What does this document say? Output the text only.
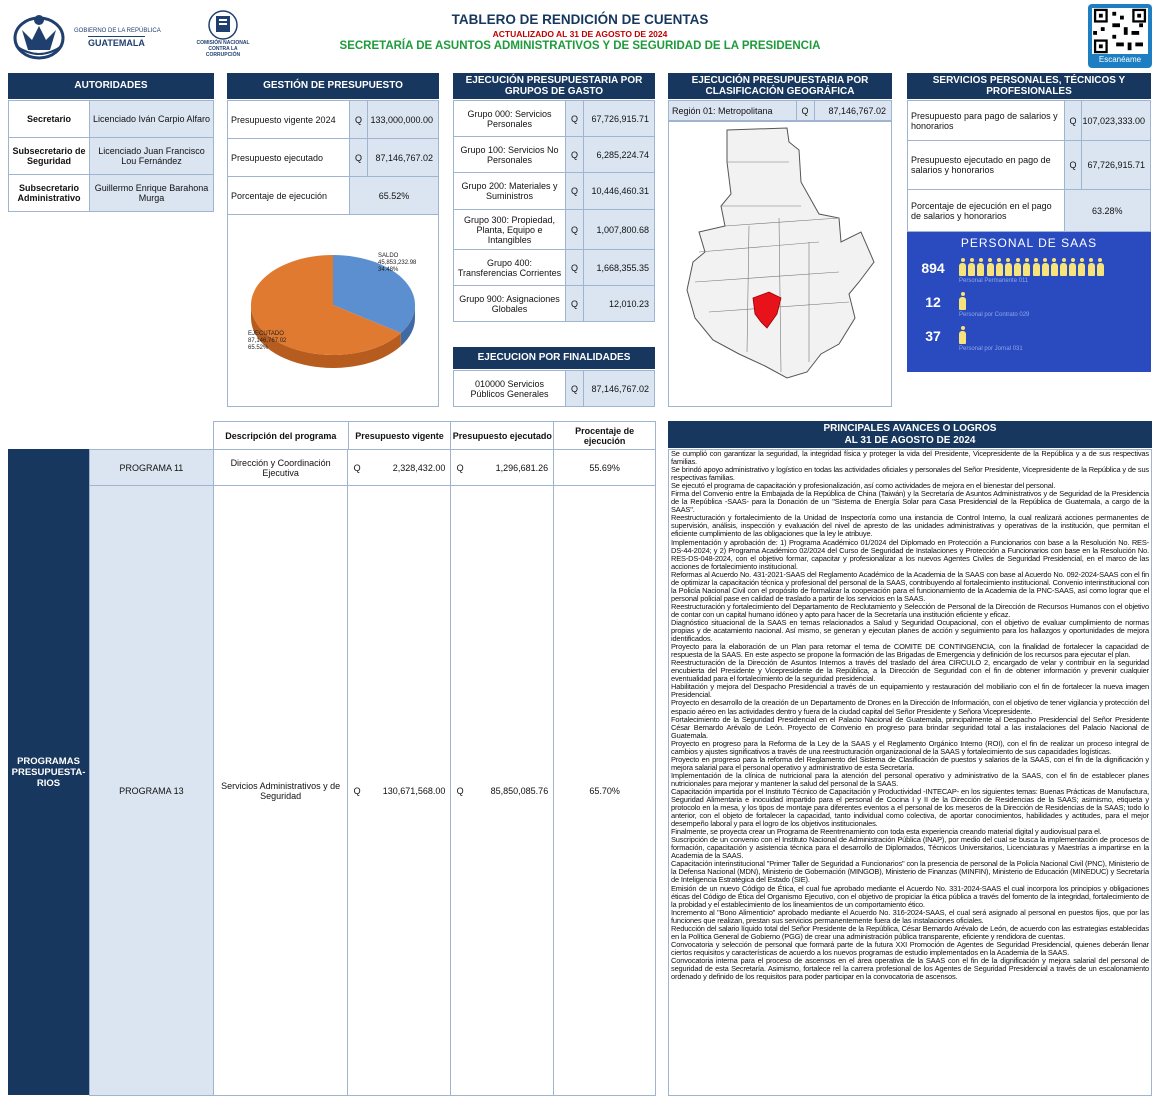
GOBIERNO DE LA REPÚBLICA
GUATEMALA	COMISIÓN NACIONAL
CONTRA LA CORRUPCIÓN
TABLERO DE RENDICIÓN DE CUENTAS
ACTUALIZADO AL 31 DE AGOSTO DE 2024
SECRETARÍA DE ASUNTOS ADMINISTRATIVOS Y DE SEGURIDAD DE LA PRESIDENCIA
Escanéame
AUTORIDADES
Secretario	Licenciado Iván Carpio Alfaro
Subsecretario de Seguridad	Licenciado Juan Francisco Lou Fernández
Subsecretario Administrativo	Guillermo Enrique Barahona Murga
GESTIÓN DE PRESUPUESTO
Presupuesto vigente 2024	Q	133,000,000.00
Presupuesto ejecutado	Q	87,146,767.02
Porcentaje de ejecución	65.52%	
SALDO
45,853,232.98
34.48%
EJECUTADO
87,146,767.02
65.52%
EJECUCIÓN PRESUPUESTARIA POR GRUPOS DE GASTO
Grupo 000: Servicios Personales	Q	67,726,915.71
Grupo 100: Servicios No Personales	Q	6,285,224.74
Grupo 200: Materiales y Suministros	Q	10,446,460.31
Grupo 300: Propiedad, Planta, Equipo e Intangibles	Q	1,007,800.68
Grupo 400: Transferencias Corrientes	Q	1,668,355.35
Grupo 900: Asignaciones Globales	Q	12,010.23
EJECUCION POR FINALIDADES
010000 Servicios Públicos Generales	Q	87,146,767.02
EJECUCIÓN PRESUPUESTARIA POR CLASIFICACIÓN GEOGRÁFICA
Región 01: Metropolitana	Q	87,146,767.02
SERVICIOS PERSONALES, TÉCNICOS Y PROFESIONALES
Presupuesto para pago de salarios y honorarios	Q	107,023,333.00
Presupuesto ejecutado en pago de salarios y honorarios	Q	67,726,915.71
Porcentaje de ejecución en el pago de salarios y honorarios	63.28%	
PERSONAL DE SAAS
894
Personal Permanente 011
12
Personal por Contrato 029
37
Personal por Jornal 031
Descripción del programa	Presupuesto vigente	Presupuesto ejecutado	Procentaje de ejecución
PROGRAMAS PRESUPUESTA-RIOS
PROGRAMA 11	Dirección y Coordinación Ejecutiva	Q	2,328,432.00	Q	1,296,681.26	55.69%
PROGRAMA 13	Servicios Administrativos y de Seguridad	Q	130,671,568.00	Q	85,850,085.76	65.70%
PRINCIPALES AVANCES O LOGROS
AL 31 DE AGOSTO DE 2024

Se cumplió con garantizar la seguridad, la integridad física y proteger la vida del Presidente, Vicepresidente de la República y a de sus respectivas familias.

Se brindó apoyo administrativo y logístico en todas las actividades oficiales y personales del Señor Presidente, Vicepresidente de la República y de sus respectivas familias.

Se ejecutó el programa de capacitación y profesionalización, así como actividades de mejora en el bienestar del personal.

Firma del Convenio entre la Embajada de la República de China (Taiwán) y la Secretaría de Asuntos Administrativos y de Seguridad de la Presidencia de la República -SAAS- para la Donación de un "Sistema de Energía Solar para Casa Presidencial de la República de Guatemala, a cargo de la SAAS".

Reestructuración y fortalecimiento de la Unidad de Inspectoría como una instancia de Control Interno, la cual realizará acciones permanentes de supervisión, análisis, inspección y evaluación del nivel de apresto de las unidades administrativas y operativas de la institución, que permitan el eficiente cumplimiento de las obligaciones que la ley le atribuye.

Implementación y aprobación de: 1) Programa Académico 01/2024 del Diplomado en Protección a Funcionarios con base a la Resolución No. RES-DS-44-2024; y 2) Programa Académico 02/2024 del Curso de Seguridad de Instalaciones y Protección a Funcionarios con base en la Resolución No. RES-DS-048-2024, con el objetivo formar, capacitar y profesionalizar a los nuevos Agentes Civiles de Seguridad Presidencial, en el marco de las acciones de fortalecimiento institucional.

Reformas al Acuerdo No. 431-2021-SAAS del Reglamento Académico de la Academia de la SAAS con base al Acuerdo No. 092-2024-SAAS con el fin de optimizar la capacitación técnica y profesional del personal de la SAAS, contribuyendo al fortalecimiento institucional. Convenio interinstitucional con la Policía Nacional Civil con el propósito de formalizar la cooperación para el funcionamiento de la Academia de la PNC-SAAS, así como lograr que el personal policial pase en calidad de traslado a partir de los servicios en la SAAS.

Reestructuración y fortalecimiento del Departamento de Reclutamiento y Selección de Personal de la Dirección de Recursos Humanos con el objetivo de contar con un capital humano idóneo y apto para hacer de la Secretaría una institución eficiente y eficaz.

Diagnóstico situacional de la SAAS en temas relacionados a Salud y Seguridad Ocupacional, con el objetivo de evaluar cumplimiento de normas propias y de acatamiento nacional. Así mismo, se generan y ejecutan planes de acción y seguimiento para los hallazgos y oportunidades de mejora identificados.

Proyecto para la elaboración de un Plan para retomar el tema de COMITE DE CONTINGENCIA, con la finalidad de fortalecer la capacidad de respuesta de la SAAS. En este aspecto se propone la formación de las Brigadas de Emergencia y definición de los recursos para ejecutar el plan.

Reestructuración de la Dirección de Asuntos Internos a través del traslado del área CIRCULO 2, encargado de velar y contribuir en la seguridad encubierta del Presidente y Vicepresidente de la República, a la Dirección de Seguridad con el fin de obtener información y prevenir cualquier eventualidad para el fortalecimiento de la seguridad presidencial.

Habilitación y mejora del Despacho Presidencial a través de un equipamiento y restauración del mobiliario con el fin de fortalecer la nueva imagen Presidencial.

Proyecto en desarrollo de la creación de un Departamento de Drones en la Dirección de Información, con el objetivo de tener vigilancia y protección del espacio aéreo en las actividades dentro y fuera de la ciudad capital del Señor Presidente y Señora Vicepresidente.

Fortalecimiento de la Seguridad Presidencial en el Palacio Nacional de Guatemala, principalmente al Despacho Presidencial del Señor Presidente César Bernardo Arévalo de León. Proyecto de Convenio en progreso para brindar seguridad total a las instalaciones del Palacio Nacional de Guatemala.

Proyecto en progreso para la Reforma de la Ley de la SAAS y el Reglamento Orgánico Interno (ROI), con el fin de realizar un proceso integral de cambios y ajustes significativos a través de una reestructuración organizacional de la SAAS y fortalecimiento de sus capacidades logísticas.

Proyecto en progreso para la reforma del Reglamento del Sistema de Clasificación de puestos y salarios de la SAAS, con el fin de la dignificación y mejora salarial para el personal operativo y administrativo de esta Secretaría.

Implementación de la clínica de nutricional para la atención del personal operativo y administrativo de la SAAS, con el fin de establecer planes nutricionales para mejorar y mantener la salud del personal de la SAAS.

Capacitación impartida por el Instituto Técnico de Capacitación y Productividad -INTECAP- en los siguientes temas: Buenas Prácticas de Manufactura, Seguridad Alimentaria e inocuidad impartido para el personal de Cocina I y II de la Dirección de Residencias de la SAAS; asimismo, etiqueta y protocolo en la mesa, y los tipos de montaje para diferentes eventos a el personal de los meseros de la Dirección de Residencias de la SAAS; todo lo anterior, con el objeto de fortalecer la capacidad, tanto individual como colectiva, de aportar conocimientos, habilidades y actitudes, para el mejor desempeño laboral y para el logro de los objetivos institucionales.

Finalmente, se proyecta crear un Programa de Reentrenamiento con toda esta experiencia creando material digital y audiovisual para el.

Suscripción de un convenio con el Instituto Nacional de Administración Pública (INAP), por medio del cual se busca la implementación de procesos de formación, capacitación y asistencia técnica para el desarrollo de Diplomados, Técnicos Universitarios, Licenciaturas y Maestrías a impartirse en la Academia de la SAAS.

Capacitación interinstitucional "Primer Taller de Seguridad a Funcionarios" con la presencia de personal de la Policía Nacional Civil (PNC), Ministerio de la Defensa Nacional (MDN), Ministerio de Gobernación (MINGOB), Ministerio de Finanzas (MINFIN), Ministerio de Educación (MINEDUC) y Secretaría de Inteligencia Estratégica del Estado (SIE).

Emisión de un nuevo Código de Ética, el cual fue aprobado mediante el Acuerdo No. 331-2024-SAAS el cual incorpora los principios y obligaciones éticas del Código de Ética del Organismo Ejecutivo, con el objetivo de propiciar la ética pública a través del fomento de la integridad, fortalecimiento de la probidad y el establecimiento de los lineamientos de un comportamiento ético.

Incremento al "Bono Alimenticio" aprobado mediante el Acuerdo No. 316-2024-SAAS, el cual será asignado al personal en puestos fijos, que por las funciones que realizan, prestan sus servicios permanentemente fuera de las instalaciones oficiales.

Reducción del salario líquido total del Señor Presidente de la República, César Bernardo Arévalo de León, de acuerdo con las estrategias establecidas en la Política General de Gobierno (PGG) de crear una administración pública transparente, eficiente y rendidora de cuentas.

Convocatoria y selección de personal que formará parte de la futura XXI Promoción de Agentes de Seguridad Presidencial, quienes deberán llenar ciertos requisitos y características de acuerdo a los nuevos programas de estudio implementados en la Academia de la SAAS.

Convocatoria interna para el proceso de ascensos en el área operativa de la SAAS con el fin de la dignificación y mejora salarial del personal de seguridad de esta Secretaría. Asimismo, fortalece rel la carrera profesional de los Agentes de Seguridad Presidencial a través de un escalonamiento ordenado y definido de los requisitos para poder participar en la convocatoria de ascensos.
